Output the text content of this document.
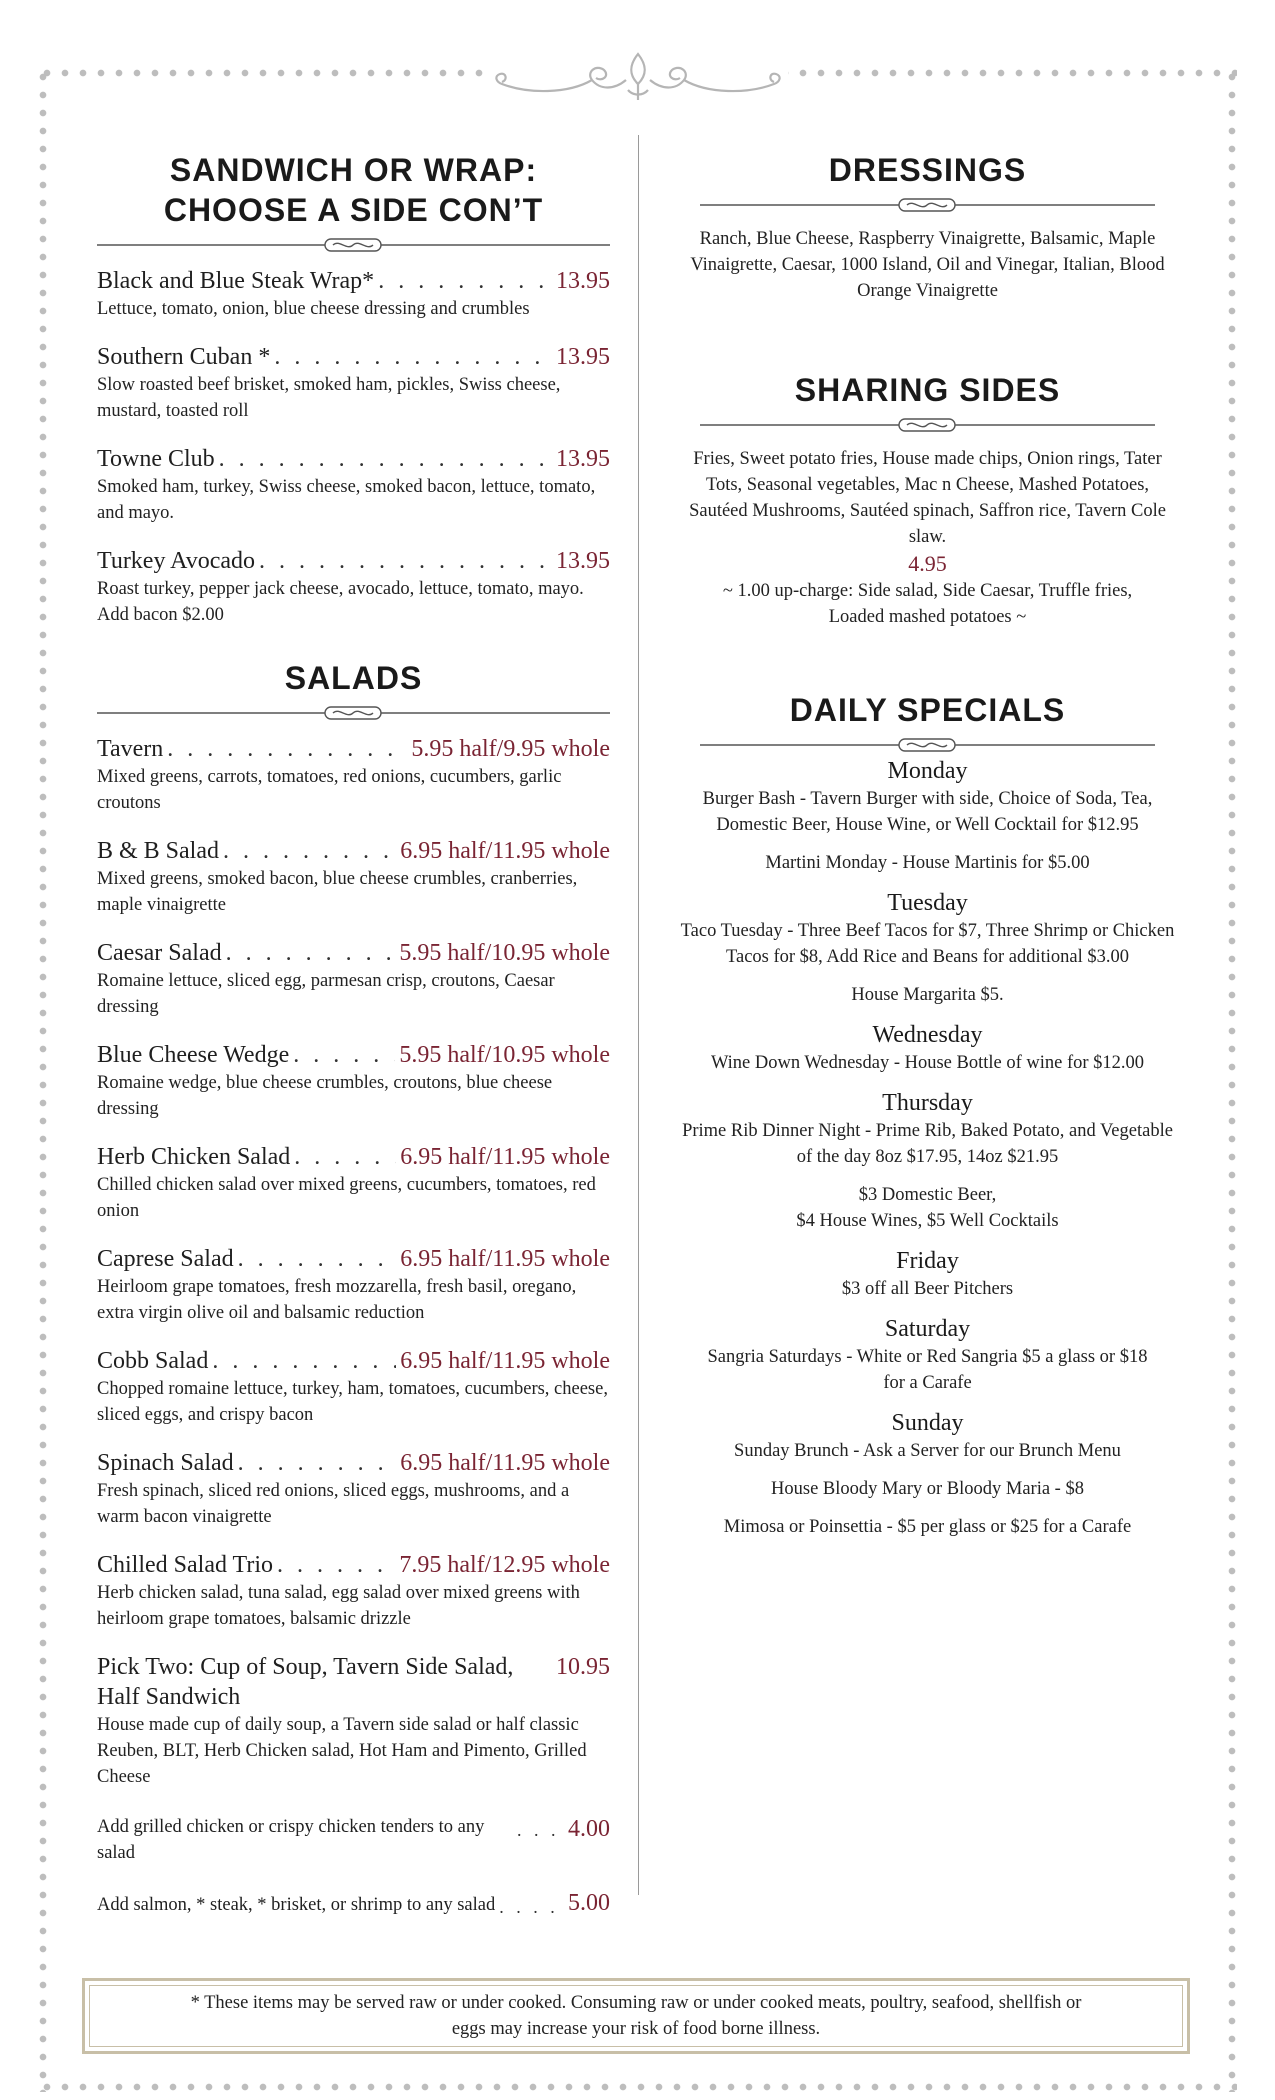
SANDWICH OR WRAP:
CHOOSE A SIDE CON’T
Black and Blue Steak Wrap* . . .	13.95
Lettuce, tomato, onion, blue cheese dressing and crumbles
Southern Cuban * . . .	13.95
Slow roasted beef brisket, smoked ham, pickles, Swiss cheese, mustard, toasted roll
Towne Club . . .	13.95
Smoked ham, turkey, Swiss cheese, smoked bacon, lettuce, tomato, and mayo.
Turkey Avocado . . .	13.95
Roast turkey, pepper jack cheese, avocado, lettuce, tomato, mayo.
Add bacon $2.00
SALADS
Tavern . . .	5.95 half/9.95 whole
Mixed greens, carrots, tomatoes, red onions, cucumbers, garlic croutons
B & B Salad . . .	6.95 half/11.95 whole
Mixed greens, smoked bacon, blue cheese crumbles, cranberries, maple vinaigrette
Caesar Salad . . .	5.95 half/10.95 whole
Romaine lettuce, sliced egg, parmesan crisp, croutons, Caesar dressing
Blue Cheese Wedge . . .	5.95 half/10.95 whole
Romaine wedge, blue cheese crumbles, croutons, blue cheese dressing
Herb Chicken Salad . . .	6.95 half/11.95 whole
Chilled chicken salad over mixed greens, cucumbers, tomatoes, red onion
Caprese Salad . . .	6.95 half/11.95 whole
Heirloom grape tomatoes, fresh mozzarella, fresh basil, oregano, extra virgin olive oil and balsamic reduction
Cobb Salad . . .	6.95 half/11.95 whole
Chopped romaine lettuce, turkey, ham, tomatoes, cucumbers, cheese, sliced eggs, and crispy bacon
Spinach Salad . . .	6.95 half/11.95 whole
Fresh spinach, sliced red onions, sliced eggs, mushrooms, and a warm bacon vinaigrette
Chilled Salad Trio . . .	7.95 half/12.95 whole
Herb chicken salad, tuna salad, egg salad over mixed greens with heirloom grape tomatoes, balsamic drizzle
Pick Two: Cup of Soup, Tavern Side Salad, Half Sandwich
10.95
House made cup of daily soup, a Tavern side salad or half classic Reuben, BLT, Herb Chicken salad, Hot Ham and Pimento, Grilled Cheese
Add grilled chicken or crispy chicken tenders to any salad
. . . 4.00
Add salmon, * steak, * brisket, or shrimp to any salad . . .	5.00
DRESSINGS
Ranch, Blue Cheese, Raspberry Vinaigrette, Balsamic, Maple Vinaigrette, Caesar, 1000 Island, Oil and Vinegar, Italian, Blood Orange Vinaigrette
SHARING SIDES
Fries, Sweet potato fries, House made chips, Onion rings, Tater Tots, Seasonal vegetables, Mac n Cheese, Mashed Potatoes, Sautéed Mushrooms, Sautéed spinach, Saffron rice, Tavern Cole slaw.
4.95
~ 1.00 up-charge: Side salad, Side Caesar, Truffle fries, Loaded mashed potatoes ~
DAILY SPECIALS
Monday
Burger Bash - Tavern Burger with side, Choice of Soda, Tea, Domestic Beer, House Wine, or Well Cocktail for $12.95
Martini Monday - House Martinis for $5.00
Tuesday
Taco Tuesday - Three Beef Tacos for $7, Three Shrimp or Chicken Tacos for $8, Add Rice and Beans for additional $3.00
House Margarita $5.
Wednesday
Wine Down Wednesday - House Bottle of wine for $12.00
Thursday
Prime Rib Dinner Night - Prime Rib, Baked Potato, and Vegetable of the day 8oz $17.95, 14oz $21.95
$3 Domestic Beer,
$4 House Wines, $5 Well Cocktails
Friday
$3 off all Beer Pitchers
Saturday
Sangria Saturdays - White or Red Sangria $5 a glass or $18 for a Carafe
Sunday
Sunday Brunch - Ask a Server for our Brunch Menu
House Bloody Mary or Bloody Maria - $8
Mimosa or Poinsettia - $5 per glass or $25 for a Carafe
* These items may be served raw or under cooked. Consuming raw or under cooked meats, poultry, seafood, shellfish or eggs may increase your risk of food borne illness.
